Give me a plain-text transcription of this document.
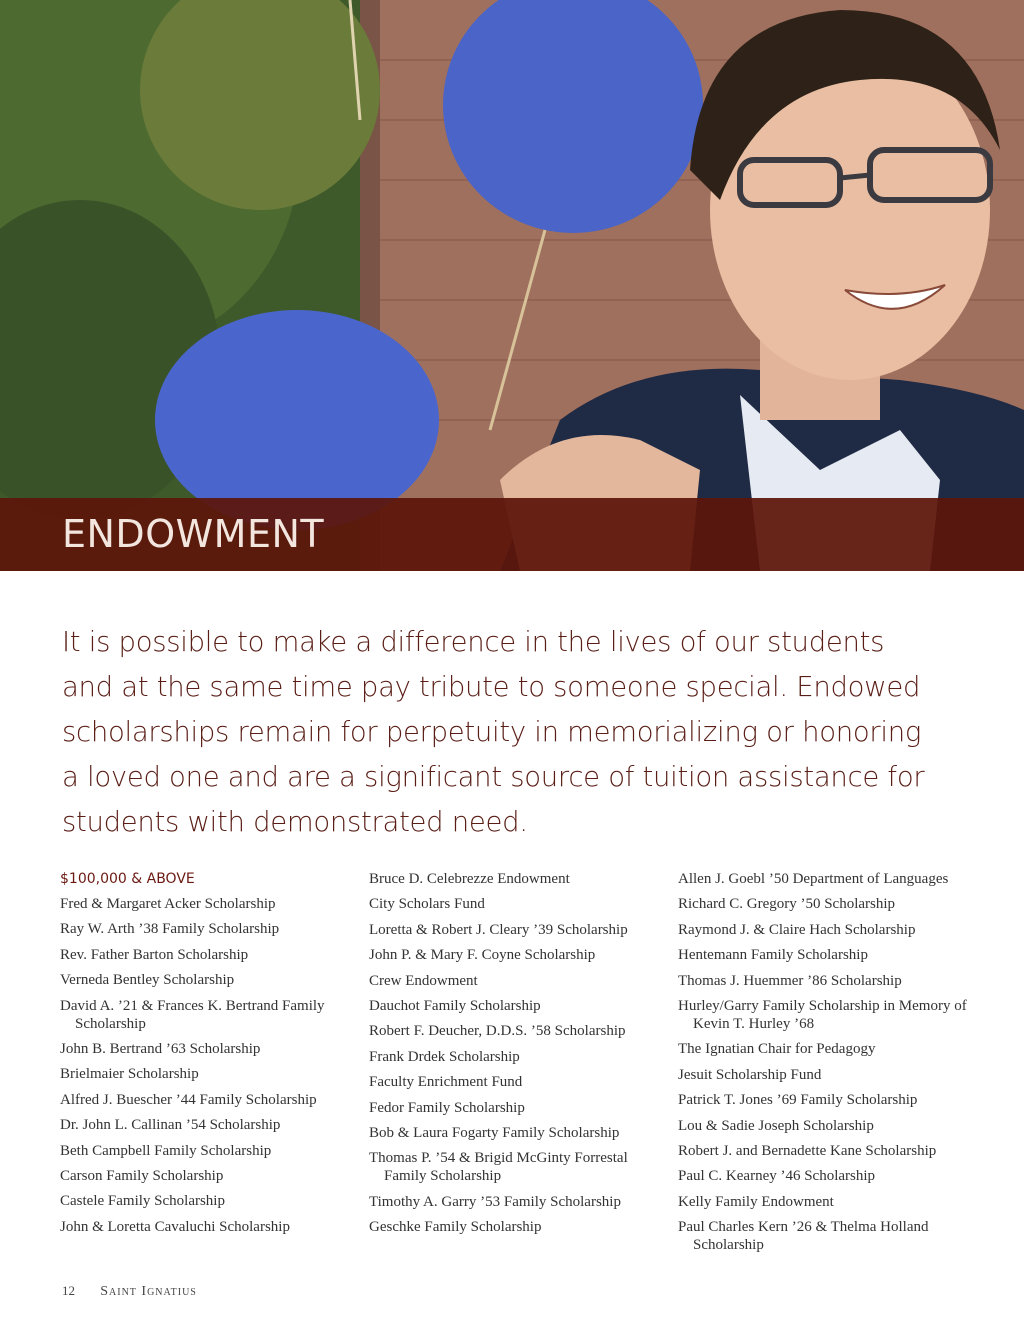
ENDOWMENT

It is possible to make a difference in the lives of our students and at the same time pay tribute to someone special. Endowed scholarships remain for perpetuity in memorializing or honoring a loved one and are a significant source of tuition assistance for students with demonstrated need.

$100,000 & ABOVE
Fred & Margaret Acker Scholarship
Ray W. Arth ’38 Family Scholarship
Rev. Father Barton Scholarship
Verneda Bentley Scholarship
David A. ’21 & Frances K. Bertrand Family Scholarship
John B. Bertrand ’63 Scholarship
Brielmaier Scholarship
Alfred J. Buescher ’44 Family Scholarship
Dr. John L. Callinan ’54 Scholarship
Beth Campbell Family Scholarship
Carson Family Scholarship
Castele Family Scholarship
John & Loretta Cavaluchi Scholarship
Bruce D. Celebrezze Endowment
City Scholars Fund
Loretta & Robert J. Cleary ’39 Scholarship
John P. & Mary F. Coyne Scholarship
Crew Endowment
Dauchot Family Scholarship
Robert F. Deucher, D.D.S. ’58 Scholarship
Frank Drdek Scholarship
Faculty Enrichment Fund
Fedor Family Scholarship
Bob & Laura Fogarty Family Scholarship
Thomas P. ’54 & Brigid McGinty Forrestal Family Scholarship
Timothy A. Garry ’53 Family Scholarship
Geschke Family Scholarship
Allen J. Goebl ’50 Department of Languages
Richard C. Gregory ’50 Scholarship
Raymond J. & Claire Hach Scholarship
Hentemann Family Scholarship
Thomas J. Huemmer ’86 Scholarship
Hurley/Garry Family Scholarship in Memory of Kevin T. Hurley ’68
The Ignatian Chair for Pedagogy
Jesuit Scholarship Fund
Patrick T. Jones ’69 Family Scholarship
Lou & Sadie Joseph Scholarship
Robert J. and Bernadette Kane Scholarship
Paul C. Kearney ’46 Scholarship
Kelly Family Endowment
Paul Charles Kern ’26 & Thelma Holland Scholarship
12 Saint Ignatius
